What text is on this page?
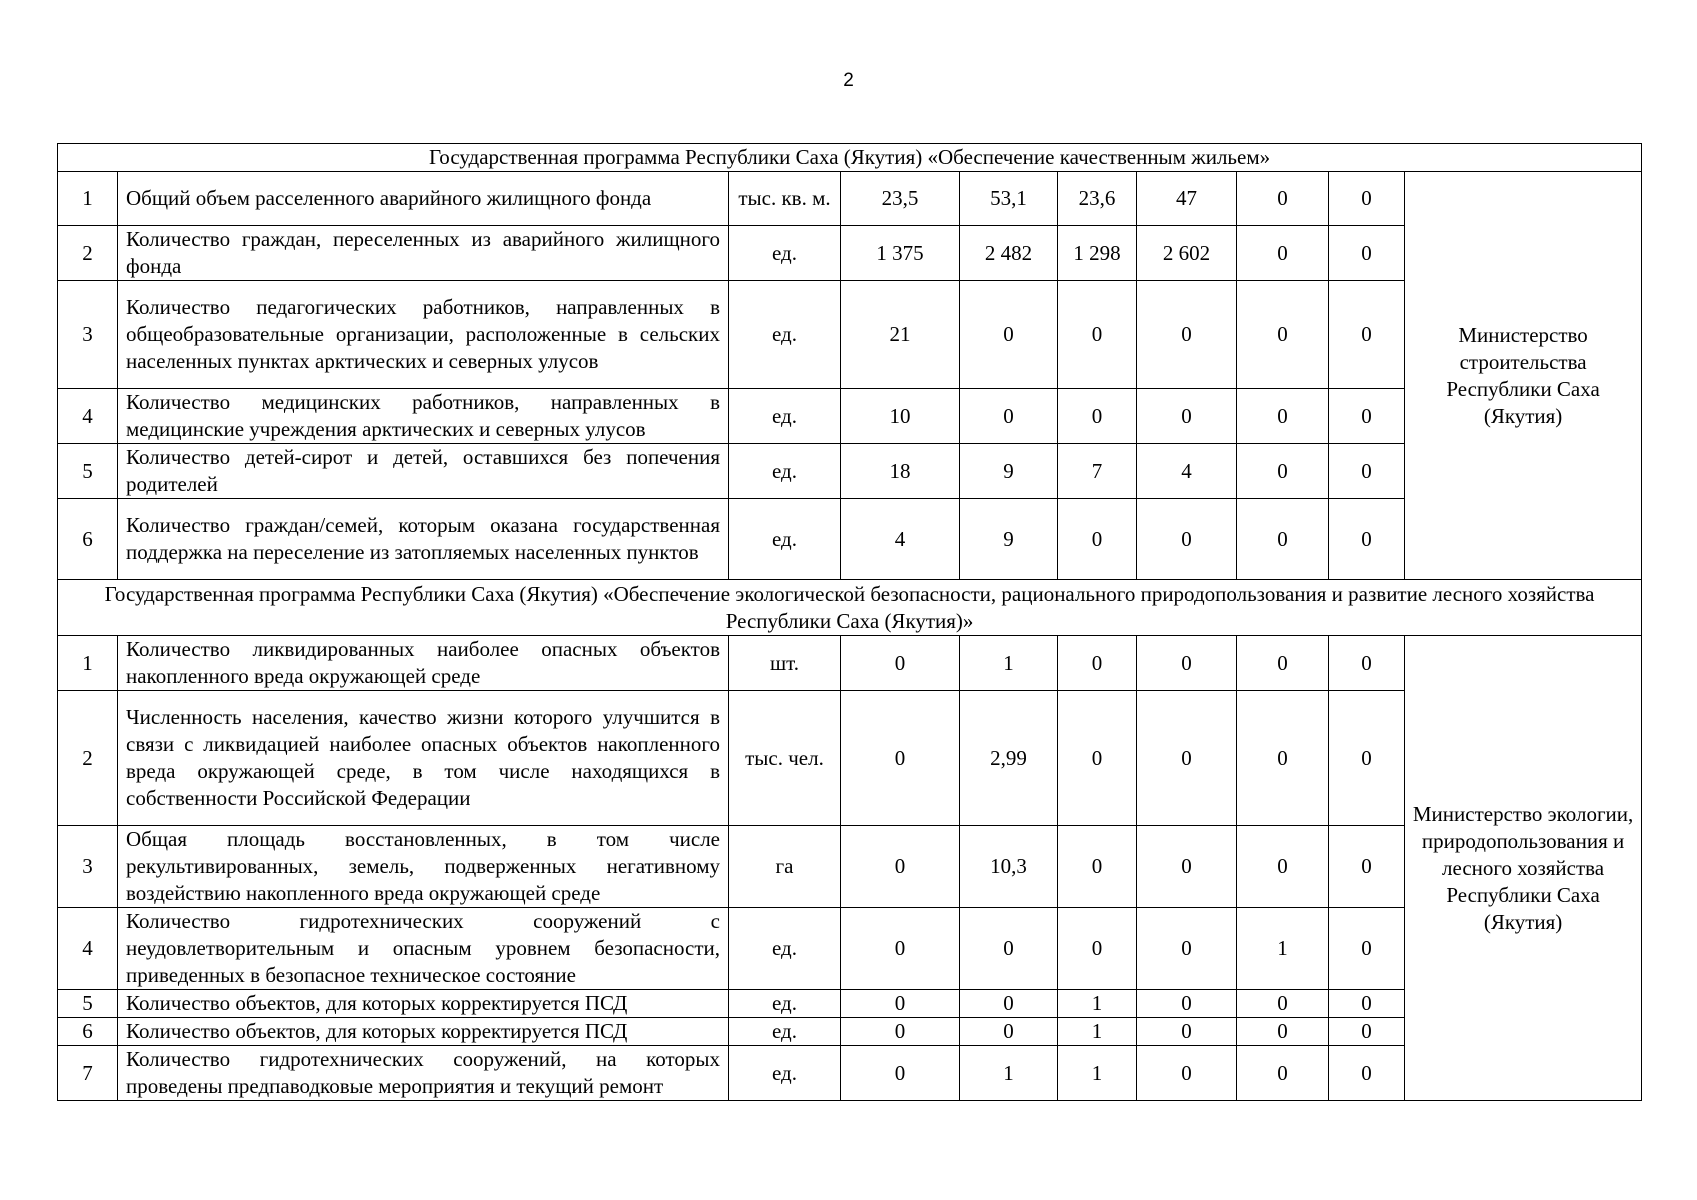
2
Государственная программа Республики Саха (Якутия) «Обеспечение качественным жильем»									
1	Общий объем расселенного аварийного жилищного фонда	тыс. кв. м.	23,5	53,1	23,6	47	0	0	Министерство строительства Республики Саха (Якутия)
2	Количество граждан, переселенных из аварийного жилищного фонда	ед.	1 375	2 482	1 298	2 602	0	0	
3	Количество педагогических работников, направленных в общеобразовательные организации, расположенные в сельских населенных пунктах арктических и северных улусов	ед.	21	0	0	0	0	0	
4	Количество медицинских работников, направленных в медицинские учреждения арктических и северных улусов	ед.	10	0	0	0	0	0	
5	Количество детей-сирот и детей, оставшихся без попечения родителей	ед.	18	9	7	4	0	0	
6	Количество граждан/семей, которым оказана государственная поддержка на переселение из затопляемых населенных пунктов	ед.	4	9	0	0	0	0	
Государственная программа Республики Саха (Якутия) «Обеспечение экологической безопасности, рационального природопользования и развитие лесного хозяйства Республики Саха (Якутия)»									
1	Количество ликвидированных наиболее опасных объектов накопленного вреда окружающей среде	шт.	0	1	0	0	0	0	Министерство экологии, природопользования и лесного хозяйства Республики Саха (Якутия)
2	Численность населения, качество жизни которого улучшится в связи с ликвидацией наиболее опасных объектов накопленного вреда окружающей среде, в том числе находящихся в собственности Российской Федерации	тыс. чел.	0	2,99	0	0	0	0	
3	Общая площадь восстановленных, в том числе рекультивированных, земель, подверженных негативному воздействию накопленного вреда окружающей среде	га	0	10,3	0	0	0	0	
4	Количество гидротехнических сооружений с неудовлетворительным и опасным уровнем безопасности, приведенных в безопасное техническое состояние	ед.	0	0	0	0	1	0	
5	Количество объектов, для которых корректируется ПСД	ед.	0	0	1	0	0	0	
6	Количество объектов, для которых корректируется ПСД	ед.	0	0	1	0	0	0	
7	Количество гидротехнических сооружений, на которых проведены предпаводковые мероприятия и текущий ремонт	ед.	0	1	1	0	0	0	
